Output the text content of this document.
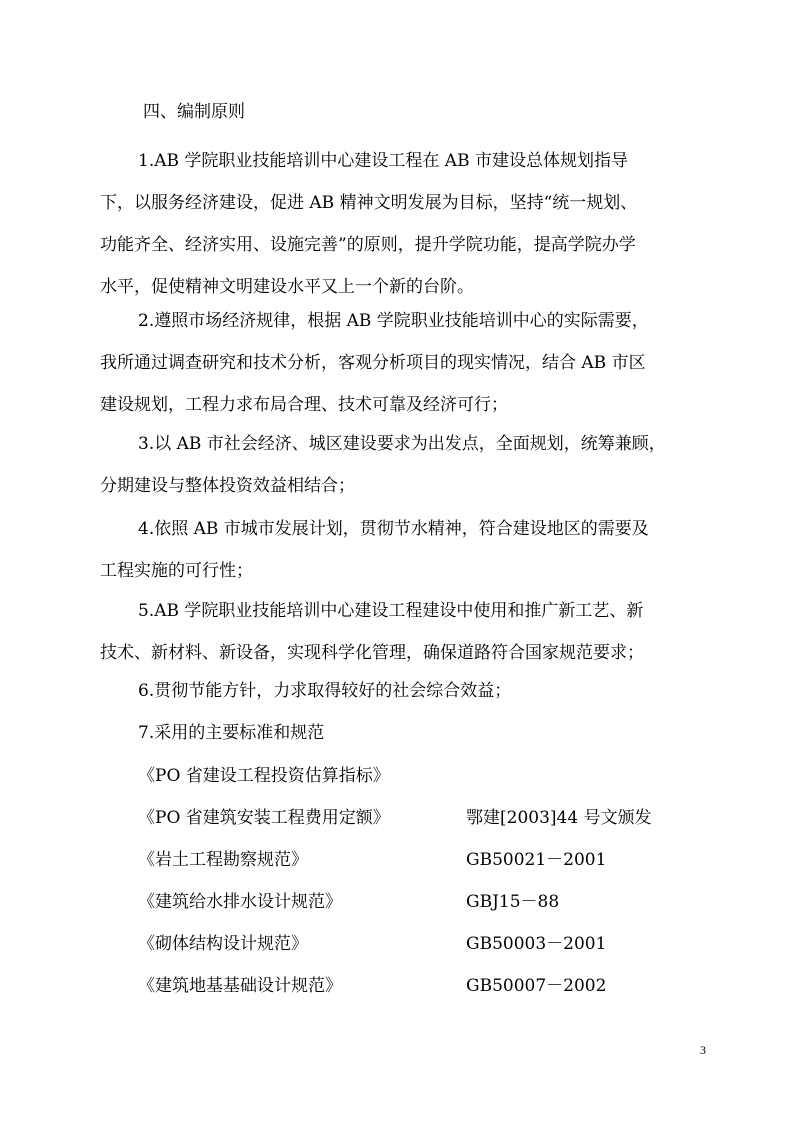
四、编制原则
1.AB 学院职业技能培训中心建设工程在 AB 市建设总体规划指导
下，以服务经济建设，促进 AB 精神文明发展为目标，坚持“统一规划、
功能齐全、经济实用、设施完善”的原则，提升学院功能，提高学院办学
水平，促使精神文明建设水平又上一个新的台阶。
2.遵照市场经济规律，根据 AB 学院职业技能培训中心的实际需要，
我所通过调查研究和技术分析，客观分析项目的现实情况，结合 AB 市区
建设规划，工程力求布局合理、技术可靠及经济可行；
3.以 AB 市社会经济、城区建设要求为出发点，全面规划，统筹兼顾，
分期建设与整体投资效益相结合；
4.依照 AB 市城市发展计划，贯彻节水精神，符合建设地区的需要及
工程实施的可行性；
5.AB 学院职业技能培训中心建设工程建设中使用和推广新工艺、新
技术、新材料、新设备，实现科学化管理，确保道路符合国家规范要求；
6.贯彻节能方针，力求取得较好的社会综合效益；
7.采用的主要标准和规范
《PO 省建设工程投资估算指标》
《PO 省建筑安装工程费用定额》	鄂建[2003]44 号文颁发
《岩土工程勘察规范》	GB50021－2001
《建筑给水排水设计规范》	GBJ15－88
《砌体结构设计规范》	GB50003－2001
《建筑地基基础设计规范》	GB50007－2002
3
